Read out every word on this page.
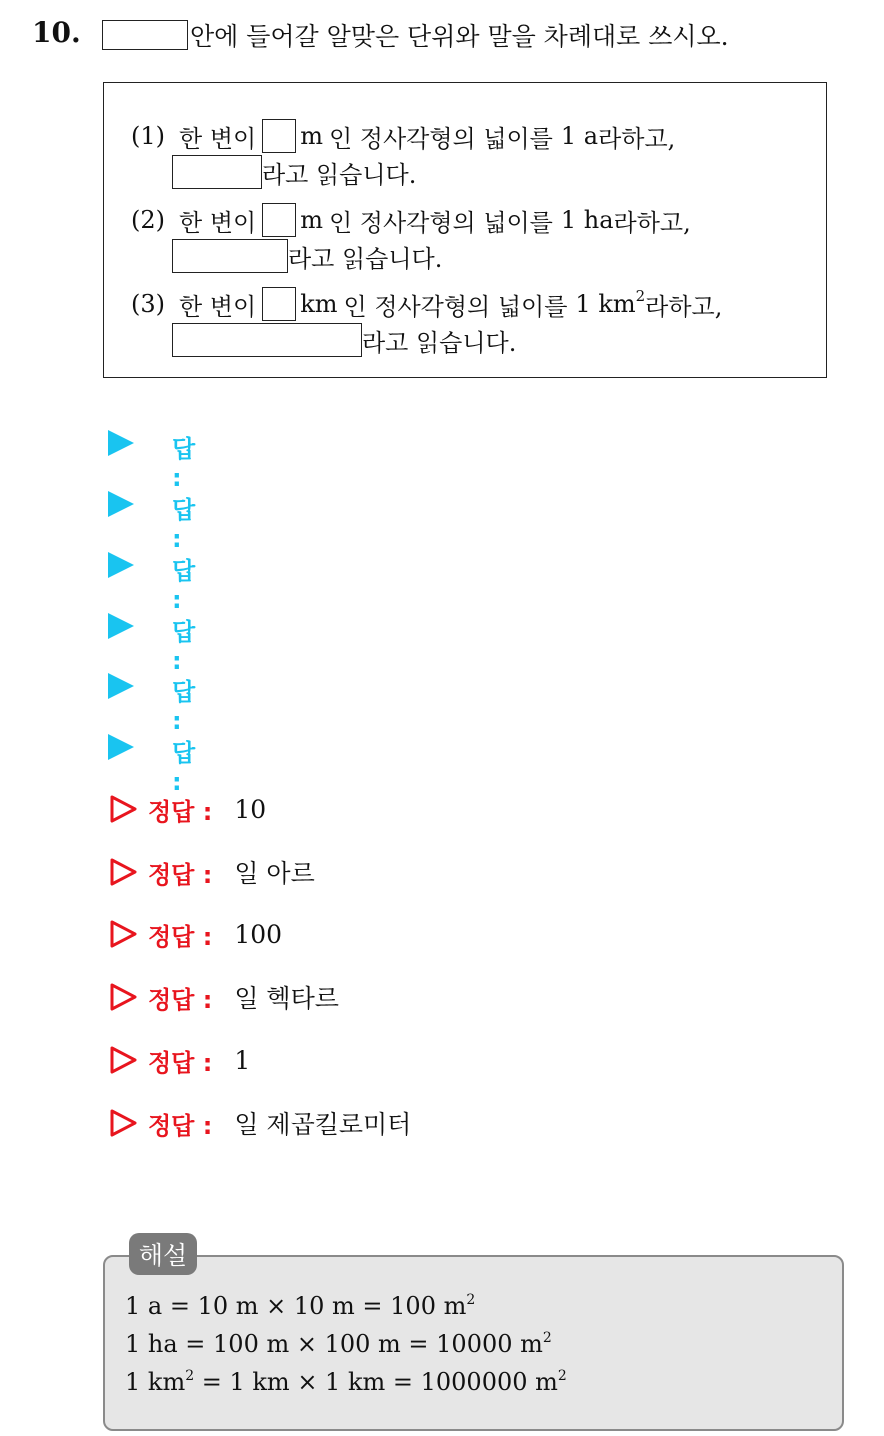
10.	안에 들어갈 알맞은 단위와 말을 차례대로 쓰시오.
(1) 한 변이 m 인 정사각형의 넓이를 1 a 라하고,
라고 읽습니다.
(2) 한 변이 m 인 정사각형의 넓이를 1 ha 라하고,
라고 읽습니다.
(3) 한 변이 km 인 정사각형의 넓이를 1 km 2 라하고,
라고 읽습니다.
답 :
답 :
답 :
답 :
답 :
답 :
정답 : 10
정답 : 일 아르
정답 : 100
정답 : 일 헥타르
정답 : 1
정답 : 일 제곱킬로미터
해설
1 a = 10 m × 10 m = 100 $m^2$
1 ha = 100 m × 100 m = 10000 $m^2$
1 $km^2 = 1$ km × 1 km = 1000000 $m^2$
